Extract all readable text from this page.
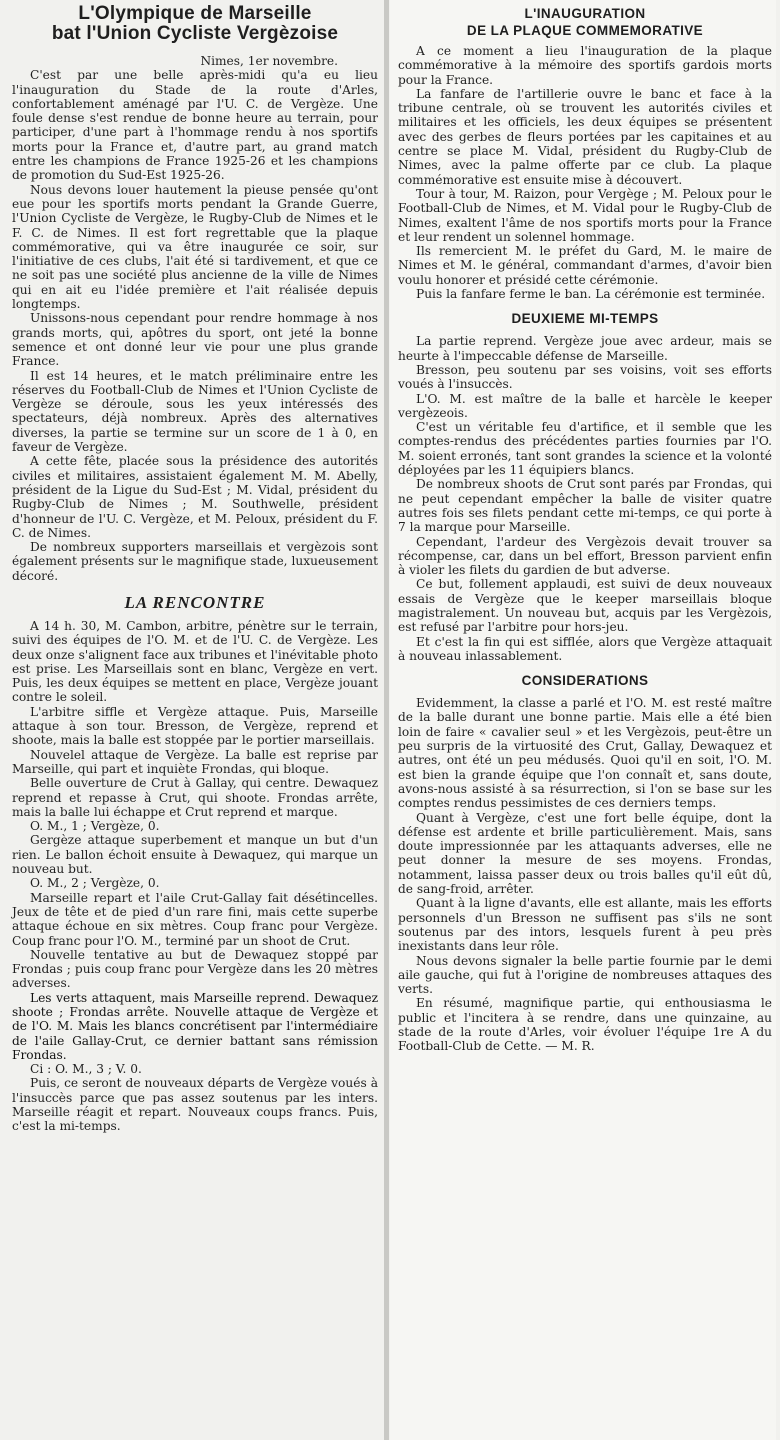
L'Olympique de Marseille
bat l'Union Cycliste Vergèzoise

Nimes, 1er novembre.

C'est par une belle après-midi qu'a eu lieu l'inauguration du Stade de la route d'Arles, confortablement aménagé par l'U. C. de Vergèze. Une foule dense s'est rendue de bonne heure au terrain, pour participer, d'une part à l'hommage rendu à nos sportifs morts pour la France et, d'autre part, au grand match entre les champions de France 1925-26 et les champions de promotion du Sud-Est 1925-26.

Nous devons louer hautement la pieuse pensée qu'ont eue pour les sportifs morts pendant la Grande Guerre, l'Union Cycliste de Vergèze, le Rugby-Club de Nimes et le F. C. de Nimes. Il est fort regrettable que la plaque commémorative, qui va être inaugurée ce soir, sur l'initiative de ces clubs, l'ait été si tardivement, et que ce ne soit pas une société plus ancienne de la ville de Nimes qui en ait eu l'idée première et l'ait réalisée depuis longtemps.

Unissons-nous cependant pour rendre hommage à nos grands morts, qui, apôtres du sport, ont jeté la bonne semence et ont donné leur vie pour une plus grande France.

Il est 14 heures, et le match préliminaire entre les réserves du Football-Club de Nimes et l'Union Cycliste de Vergèze se déroule, sous les yeux intéressés des spectateurs, déjà nombreux. Après des alternatives diverses, la partie se termine sur un score de 1 à 0, en faveur de Vergèze.

A cette fête, placée sous la présidence des autorités civiles et militaires, assistaient également M. M. Abelly, président de la Ligue du Sud-Est ; M. Vidal, président du Rugby-Club de Nimes ; M. Southwelle, président d'honneur de l'U. C. Vergèze, et M. Peloux, président du F. C. de Nimes.

De nombreux supporters marseillais et vergèzois sont également présents sur le magnifique stade, luxueusement décoré.

LA RENCONTRE

A 14 h. 30, M. Cambon, arbitre, pénètre sur le terrain, suivi des équipes de l'O. M. et de l'U. C. de Vergèze. Les deux onze s'alignent face aux tribunes et l'inévitable photo est prise. Les Marseillais sont en blanc, Vergèze en vert. Puis, les deux équipes se mettent en place, Vergèze jouant contre le soleil.

L'arbitre siffle et Vergèze attaque. Puis, Marseille attaque à son tour. Bresson, de Vergèze, reprend et shoote, mais la balle est stoppée par le portier marseillais.

Nouvelel attaque de Vergèze. La balle est reprise par Marseille, qui part et inquiète Frondas, qui bloque.

Belle ouverture de Crut à Gallay, qui centre. Dewaquez reprend et repasse à Crut, qui shoote. Frondas arrête, mais la balle lui échappe et Crut reprend et marque.

O. M., 1 ; Vergèze, 0.

Gergèze attaque superbement et manque un but d'un rien. Le ballon échoit ensuite à Dewaquez, qui marque un nouveau but.

O. M., 2 ; Vergèze, 0.

Marseille repart et l'aile Crut-Gallay fait désétincelles. Jeux de tête et de pied d'un rare fini, mais cette superbe attaque échoue en six mètres. Coup franc pour Vergèze. Coup franc pour l'O. M., terminé par un shoot de Crut.

Nouvelle tentative au but de Dewaquez stoppé par Frondas ; puis coup franc pour Vergèze dans les 20 mètres adverses.

Les verts attaquent, mais Marseille reprend. Dewaquez shoote ; Frondas arrête. Nouvelle attaque de Vergèze et de l'O. M. Mais les blancs concrétisent par l'intermédiaire de l'aile Gallay-Crut, ce dernier battant sans rémission Frondas.

Ci : O. M., 3 ; V. 0.

Puis, ce seront de nouveaux départs de Vergèze voués à l'insuccès parce que pas assez soutenus par les inters. Marseille réagit et repart. Nouveaux coups francs. Puis, c'est la mi-temps.

L'INAUGURATION
DE LA PLAQUE COMMEMORATIVE

A ce moment a lieu l'inauguration de la plaque commémorative à la mémoire des sportifs gardois morts pour la France.

La fanfare de l'artillerie ouvre le banc et face à la tribune centrale, où se trouvent les autorités civiles et militaires et les officiels, les deux équipes se présentent avec des gerbes de fleurs portées par les capitaines et au centre se place M. Vidal, président du Rugby-Club de Nimes, avec la palme offerte par ce club. La plaque commémorative est ensuite mise à découvert.

Tour à tour, M. Raizon, pour Vergège ; M. Peloux pour le Football-Club de Nimes, et M. Vidal pour le Rugby-Club de Nimes, exaltent l'âme de nos sportifs morts pour la France et leur rendent un solennel hommage.

Ils remercient M. le préfet du Gard, M. le maire de Nimes et M. le général, commandant d'armes, d'avoir bien voulu honorer et présidé cette cérémonie.

Puis la fanfare ferme le ban. La cérémonie est terminée.

DEUXIEME MI-TEMPS

La partie reprend. Vergèze joue avec ardeur, mais se heurte à l'impeccable défense de Marseille.

Bresson, peu soutenu par ses voisins, voit ses efforts voués à l'insuccès.

L'O. M. est maître de la balle et harcèle le keeper vergèzeois.

C'est un véritable feu d'artifice, et il semble que les comptes-rendus des précédentes parties fournies par l'O. M. soient erronés, tant sont grandes la science et la volonté déployées par les 11 équipiers blancs.

De nombreux shoots de Crut sont parés par Frondas, qui ne peut cependant empêcher la balle de visiter quatre autres fois ses filets pendant cette mi-temps, ce qui porte à 7 la marque pour Marseille.

Cependant, l'ardeur des Vergèzois devait trouver sa récompense, car, dans un bel effort, Bresson parvient enfin à violer les filets du gardien de but adverse.

Ce but, follement applaudi, est suivi de deux nouveaux essais de Vergèze que le keeper marseillais bloque magistralement. Un nouveau but, acquis par les Vergèzois, est refusé par l'arbitre pour hors-jeu.

Et c'est la fin qui est sifflée, alors que Vergèze attaquait à nouveau inlassablement.

CONSIDERATIONS

Evidemment, la classe a parlé et l'O. M. est resté maître de la balle durant une bonne partie. Mais elle a été bien loin de faire « cavalier seul » et les Vergèzois, peut-être un peu surpris de la virtuosité des Crut, Gallay, Dewaquez et autres, ont été un peu médusés. Quoi qu'il en soit, l'O. M. est bien la grande équipe que l'on connaît et, sans doute, avons-nous assisté à sa résurrection, si l'on se base sur les comptes rendus pessimistes de ces derniers temps.

Quant à Vergèze, c'est une fort belle équipe, dont la défense est ardente et brille particulièrement. Mais, sans doute impressionnée par les attaquants adverses, elle ne peut donner la mesure de ses moyens. Frondas, notamment, laissa passer deux ou trois balles qu'il eût dû, de sang-froid, arrêter.

Quant à la ligne d'avants, elle est allante, mais les efforts personnels d'un Bresson ne suffisent pas s'ils ne sont soutenus par des intors, lesquels furent à peu près inexistants dans leur rôle.

Nous devons signaler la belle partie fournie par le demi aile gauche, qui fut à l'origine de nombreuses attaques des verts.

En résumé, magnifique partie, qui enthousiasma le public et l'incitera à se rendre, dans une quinzaine, au stade de la route d'Arles, voir évoluer l'équipe 1re A du Football-Club de Cette. — M. R.
